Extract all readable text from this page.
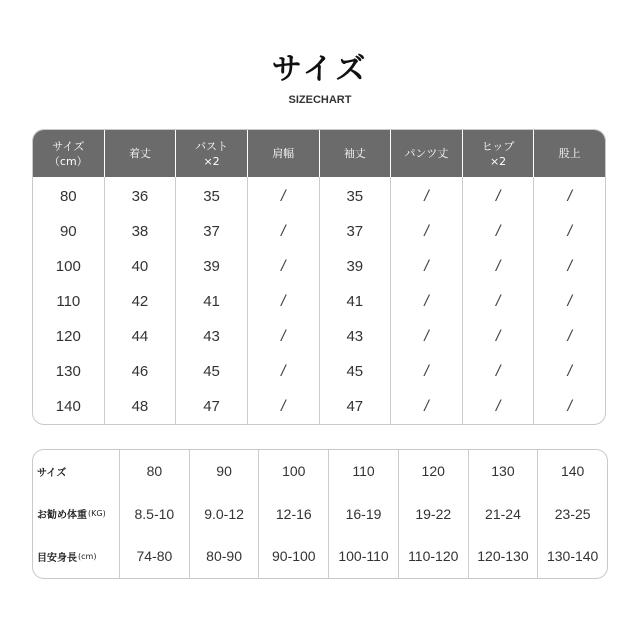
サイズ
SIZECHART
サイズ
（cm）
着丈
バスト
×2
肩幅	袖丈	パンツ丈
ヒップ
×2
股上
80
90
100
110
120
130
140
36
38
40
42
44
46
48
35
37
39
41
43
45
47
/
/
/
/
/
/
/
35
37
39
41
43
45
47
/
/
/
/
/
/
/
/
/
/
/
/
/
/
/
/
/
/
/
/
/
サイズ
お勧め体重 (KG)
目安身長 (cm)
80
8.5-10
74-80
90
9.0-12
80-90
100
12-16
90-100
110
16-19
100-110
120
19-22
110-120
130
21-24
120-130
140
23-25
130-140
